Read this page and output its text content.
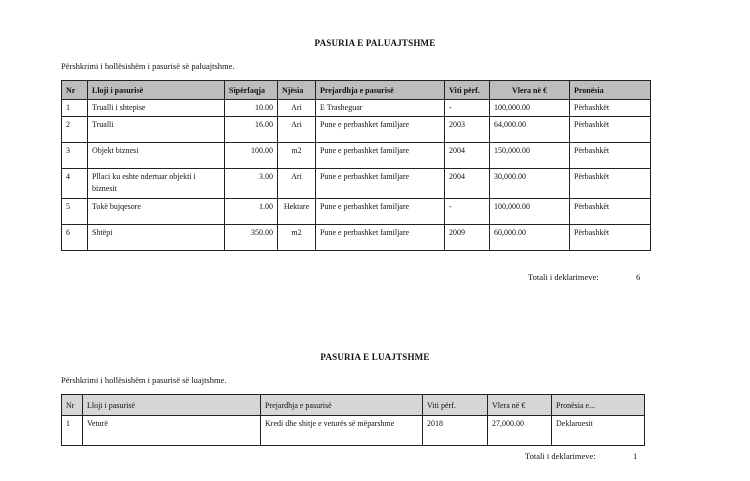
PASURIA E PALUAJTSHME
Përshkrimi i hollësishëm i pasurisë së paluajtshme.
Nr	Lloji i pasurisë	Sipërfaqja	Njësia	Prejardhja e pasurisë	Viti përf.	Vlera në €	Pronësia
1	Trualli i shtepise	10.00	Ari	E Trasheguar	-	100,000.00	Përbashkët
2	Trualli	16.00	Ari	Pune e perbashket familjare	2003	64,000.00	Përbashkët
3	Objekt biznesi	100.00	m2	Pune e perbashket familjare	2004	150,000.00	Përbashkët
4	Pllaci ku eshte ndertuar objekti i biznesit	3.00	Ari	Pune e perbashket familjare	2004	30,000.00	Përbashkët
5	Tokë bujqesore	1.00	Hektare	Pune e perbashket familjare	-	100,000.00	Përbashkët
6	Shtëpi	350.00	m2	Pune e perbashket familjare	2009	60,000.00	Përbashkët

Totali i deklarimeve:	6
PASURIA E LUAJTSHME
Përshkrimi i hollësishëm i pasurisë së luajtshme.
Nr	Lloji i pasurisë	Prejardhja e pasurisë	Viti përf.	Vlera në €	Pronësia e...
1	Veturë	Kredi dhe shitje e veturës së mëparshme	2018	27,000.00	Deklaruesit

Totali i deklarimeve:	1
